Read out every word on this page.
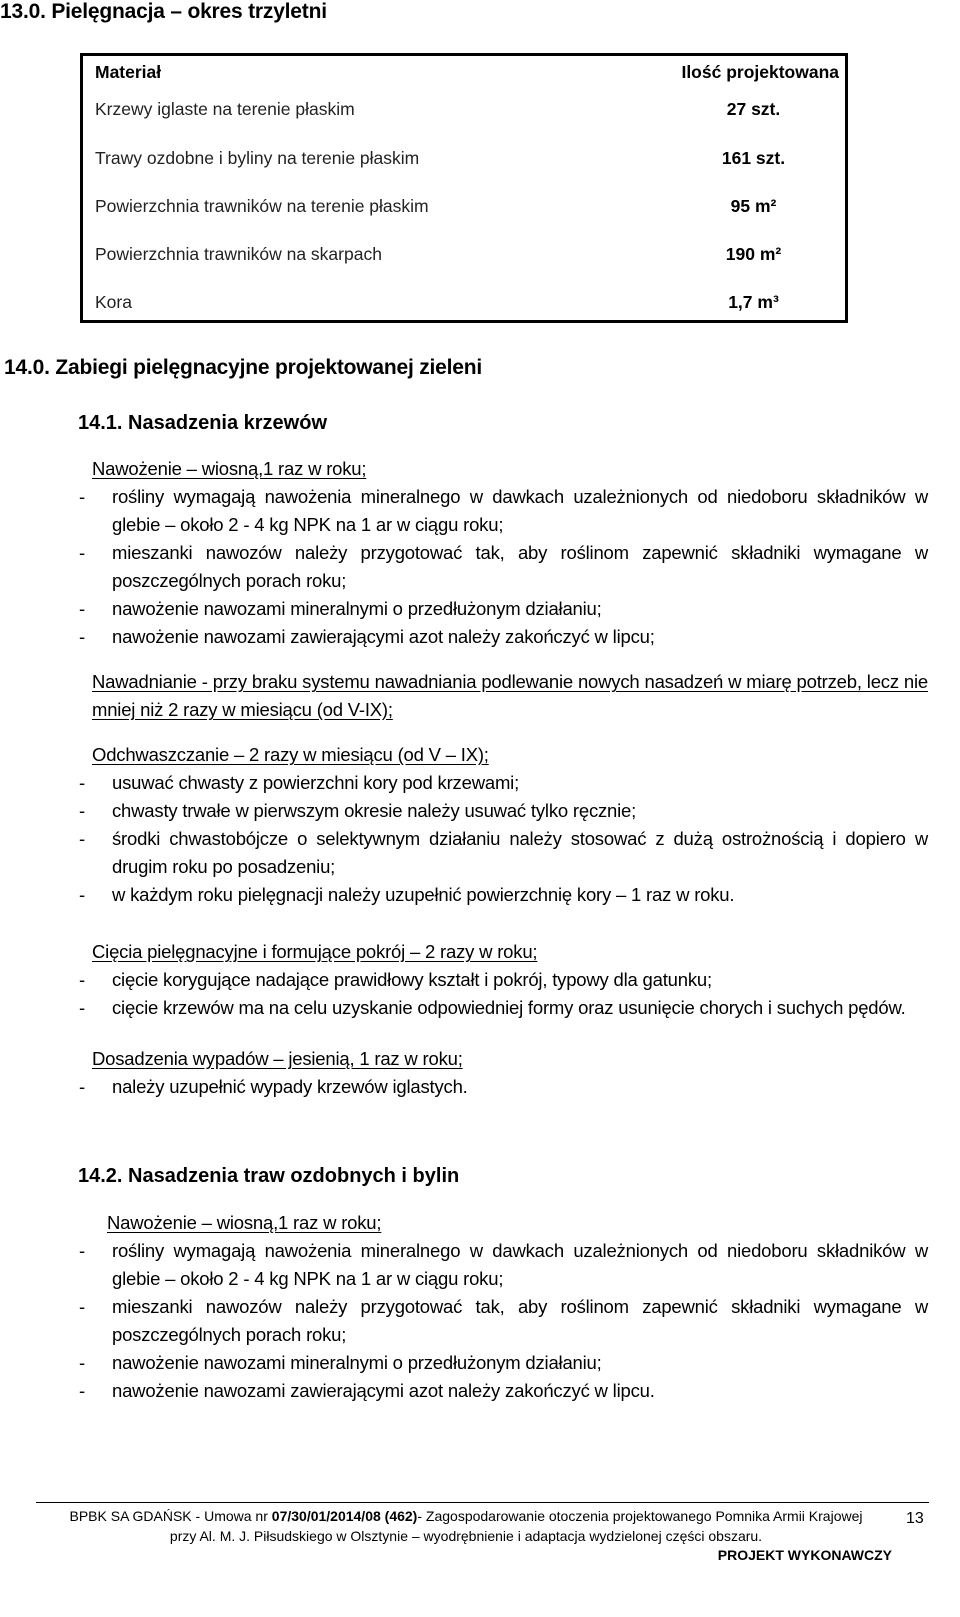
13.0. Pielęgnacja – okres trzyletni
Materiał	Ilość projektowana
Krzewy iglaste na terenie płaskim	27 szt.
Trawy ozdobne i byliny na terenie płaskim	161 szt.
Powierzchnia trawników na terenie płaskim	95 m²
Powierzchnia trawników na skarpach	190 m²
Kora	1,7 m³
14.0. Zabiegi pielęgnacyjne projektowanej zieleni
14.1. Nasadzenia krzewów
Nawożenie – wiosną,1 raz w roku;
- rośliny wymagają nawożenia mineralnego w dawkach uzależnionych od niedoboru składników w glebie – około 2 - 4 kg NPK na 1 ar w ciągu roku;
- mieszanki nawozów należy przygotować tak, aby roślinom zapewnić składniki wymagane w poszczególnych porach roku;
- nawożenie nawozami mineralnymi o przedłużonym działaniu;
- nawożenie nawozami zawierającymi azot należy zakończyć w lipcu;
Nawadnianie - przy braku systemu nawadniania podlewanie nowych nasadzeń w miarę potrzeb, lecz nie mniej niż 2 razy w miesiącu (od V-IX);
Odchwaszczanie – 2 razy w miesiącu (od V – IX);
- usuwać chwasty z powierzchni kory pod krzewami;
- chwasty trwałe w pierwszym okresie należy usuwać tylko ręcznie;
- środki chwastobójcze o selektywnym działaniu należy stosować z dużą ostrożnością i dopiero w drugim roku po posadzeniu;
- w każdym roku pielęgnacji należy uzupełnić powierzchnię kory – 1 raz w roku.
Cięcia pielęgnacyjne i formujące pokrój – 2 razy w roku;
- cięcie korygujące nadające prawidłowy kształt i pokrój, typowy dla gatunku;
- cięcie krzewów ma na celu uzyskanie odpowiedniej formy oraz usunięcie chorych i suchych pędów.
Dosadzenia wypadów – jesienią, 1 raz w roku;
- należy uzupełnić wypady krzewów iglastych.
14.2. Nasadzenia traw ozdobnych i bylin
Nawożenie – wiosną,1 raz w roku;
- rośliny wymagają nawożenia mineralnego w dawkach uzależnionych od niedoboru składników w glebie – około 2 - 4 kg NPK na 1 ar w ciągu roku;
- mieszanki nawozów należy przygotować tak, aby roślinom zapewnić składniki wymagane w poszczególnych porach roku;
- nawożenie nawozami mineralnymi o przedłużonym działaniu;
- nawożenie nawozami zawierającymi azot należy zakończyć w lipcu.
BPBK SA GDAŃSK - Umowa nr 07/30/01/2014/08 (462)- Zagospodarowanie otoczenia projektowanego Pomnika Armii Krajowej
przy Al. M. J. Piłsudskiego w Olsztynie – wyodrębnienie i adaptacja wydzielonej części obszaru.
PROJEKT WYKONAWCZY
13
